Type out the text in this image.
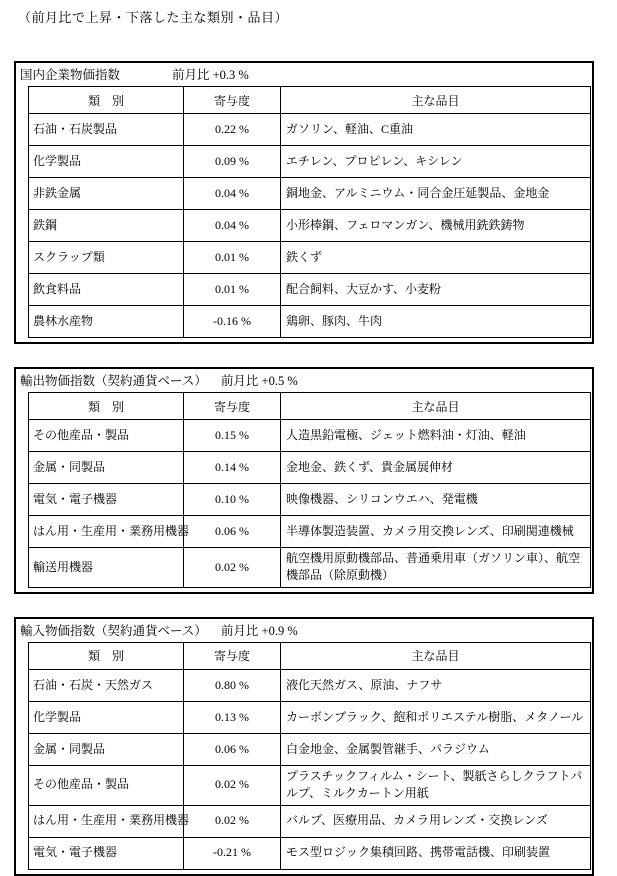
（前月比で上昇・下落した主な類別・品目）
国内企業物価指数	前月比 +0.3 %
類　別	寄与度	主な品目
石油・石炭製品	0.22 %	ガソリン、軽油、C重油
化学製品	0.09 %	エチレン、プロピレン、キシレン
非鉄金属	0.04 %	銅地金、アルミニウム・同合金圧延製品、金地金
鉄鋼	0.04 %	小形棒鋼、フェロマンガン、機械用銑鉄鋳物
スクラップ類	0.01 %	鉄くず
飲食料品	0.01 %	配合飼料、大豆かす、小麦粉
農林水産物	-0.16 %	鶏卵、豚肉、牛肉
輸出物価指数（契約通貨ベース） 前月比 +0.5 %
類　別	寄与度	主な品目
その他産品・製品	0.15 %	人造黒鉛電極、ジェット燃料油・灯油、軽油
金属・同製品	0.14 %	金地金、鉄くず、貴金属展伸材
電気・電子機器	0.10 %	映像機器、シリコンウエハ、発電機
はん用・生産用・業務用機器	0.06 %	半導体製造装置、カメラ用交換レンズ、印刷関連機械
輸送用機器	0.02 %	航空機用原動機部品、普通乗用車（ガソリン車）、航空機部品（除原動機）
輸入物価指数（契約通貨ベース） 前月比 +0.9 %
類　別	寄与度	主な品目
石油・石炭・天然ガス	0.80 %	液化天然ガス、原油、ナフサ
化学製品	0.13 %	カーボンブラック、飽和ポリエステル樹脂、メタノール
金属・同製品	0.06 %	白金地金、金属製管継手、パラジウム
その他産品・製品	0.02 %	プラスチックフィルム・シート、製紙さらしクラフトパルプ、ミルクカートン用紙
はん用・生産用・業務用機器	0.02 %	バルブ、医療用品、カメラ用レンズ・交換レンズ
電気・電子機器	-0.21 %	モス型ロジック集積回路、携帯電話機、印刷装置
